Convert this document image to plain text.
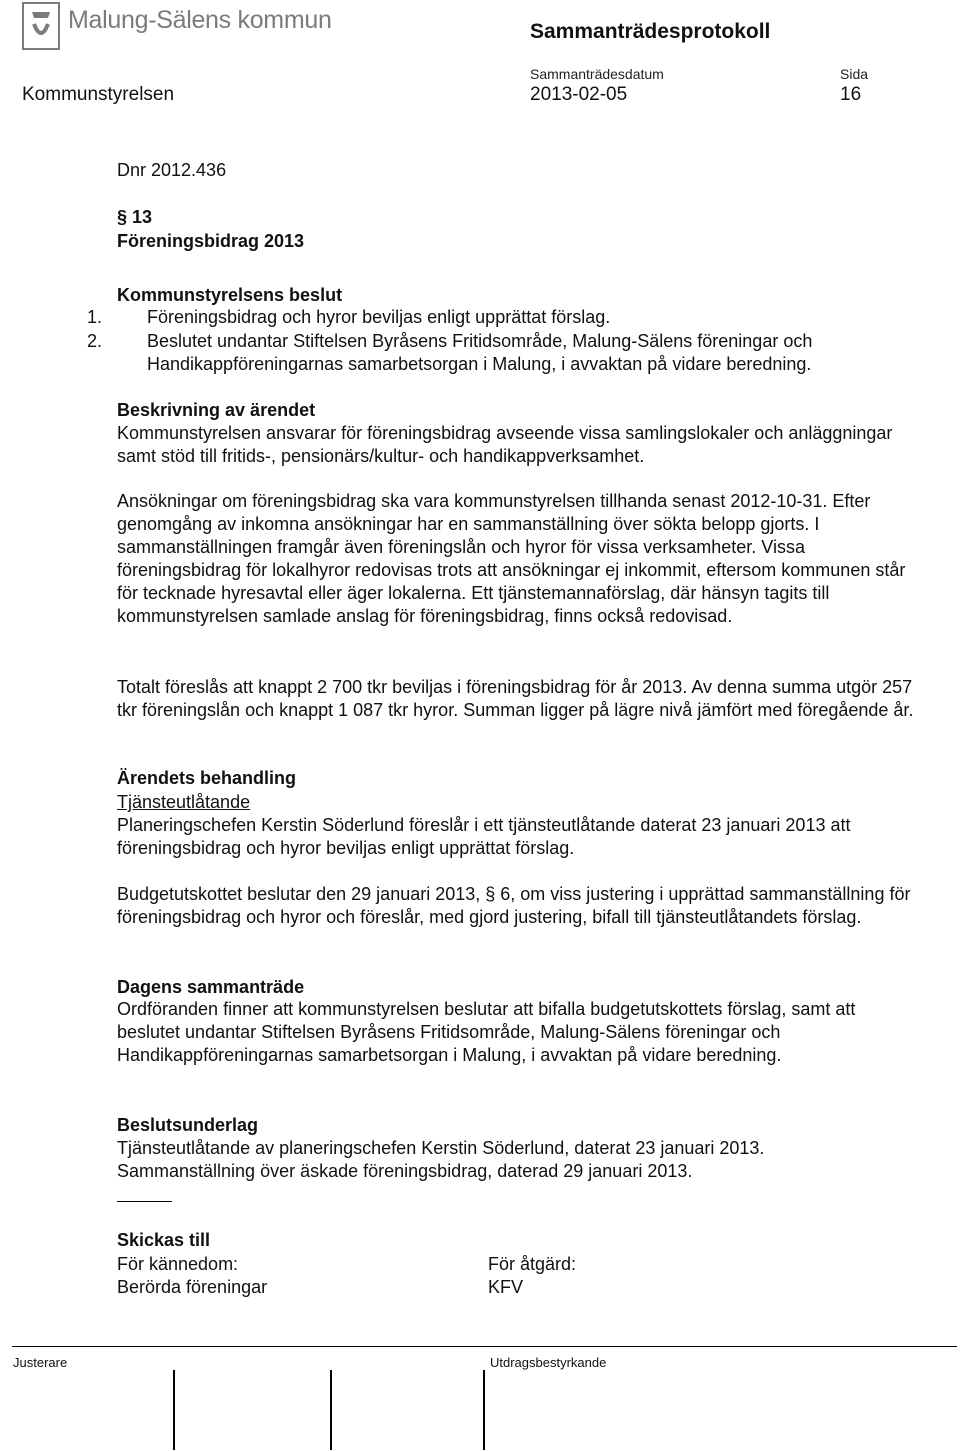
Malung-Sälens kommun	Sammanträdesprotokoll
Sammanträdesdatum	Sida
Kommunstyrelsen	2013-02-05	16
Dnr 2012.436
§ 13
Föreningsbidrag 2013
Kommunstyrelsens beslut
1. Föreningsbidrag och hyror beviljas enligt upprättat förslag.
2. Beslutet undantar Stiftelsen Byråsens Fritidsområde, Malung-Sälens föreningar och Handikappföreningarnas samarbetsorgan i Malung, i avvaktan på vidare beredning.
Beskrivning av ärendet
Kommunstyrelsen ansvarar för föreningsbidrag avseende vissa samlingslokaler och anläggningar samt stöd till fritids-, pensionärs/kultur- och handikappverksamhet.
Ansökningar om föreningsbidrag ska vara kommunstyrelsen tillhanda senast 2012-10-31. Efter genomgång av inkomna ansökningar har en sammanställning över sökta belopp gjorts. I sammanställningen framgår även föreningslån och hyror för vissa verksamheter. Vissa föreningsbidrag för lokalhyror redovisas trots att ansökningar ej inkommit, eftersom kommunen står för tecknade hyresavtal eller äger lokalerna. Ett tjänstemannaförslag, där hänsyn tagits till kommunstyrelsen samlade anslag för föreningsbidrag, finns också redovisad.
Totalt föreslås att knappt 2 700 tkr beviljas i föreningsbidrag för år 2013. Av denna summa utgör 257 tkr föreningslån och knappt 1 087 tkr hyror. Summan ligger på lägre nivå jämfört med föregående år.
Ärendets behandling
Tjänsteutlåtande
Planeringschefen Kerstin Söderlund föreslår i ett tjänsteutlåtande daterat 23 januari 2013 att föreningsbidrag och hyror beviljas enligt upprättat förslag.
Budgetutskottet beslutar den 29 januari 2013, § 6, om viss justering i upprättad sammanställning för föreningsbidrag och hyror och föreslår, med gjord justering, bifall till tjänsteutlåtandets förslag.
Dagens sammanträde
Ordföranden finner att kommunstyrelsen beslutar att bifalla budgetutskottets förslag, samt att beslutet undantar Stiftelsen Byråsens Fritidsområde, Malung-Sälens föreningar och Handikappföreningarnas samarbetsorgan i Malung, i avvaktan på vidare beredning.
Beslutsunderlag
Tjänsteutlåtande av planeringschefen Kerstin Söderlund, daterat 23 januari 2013.
Sammanställning över äskade föreningsbidrag, daterad 29 januari 2013.
Skickas till
För kännedom:
Berörda föreningar
För åtgärd:
KFV
Justerare	Utdragsbestyrkande
